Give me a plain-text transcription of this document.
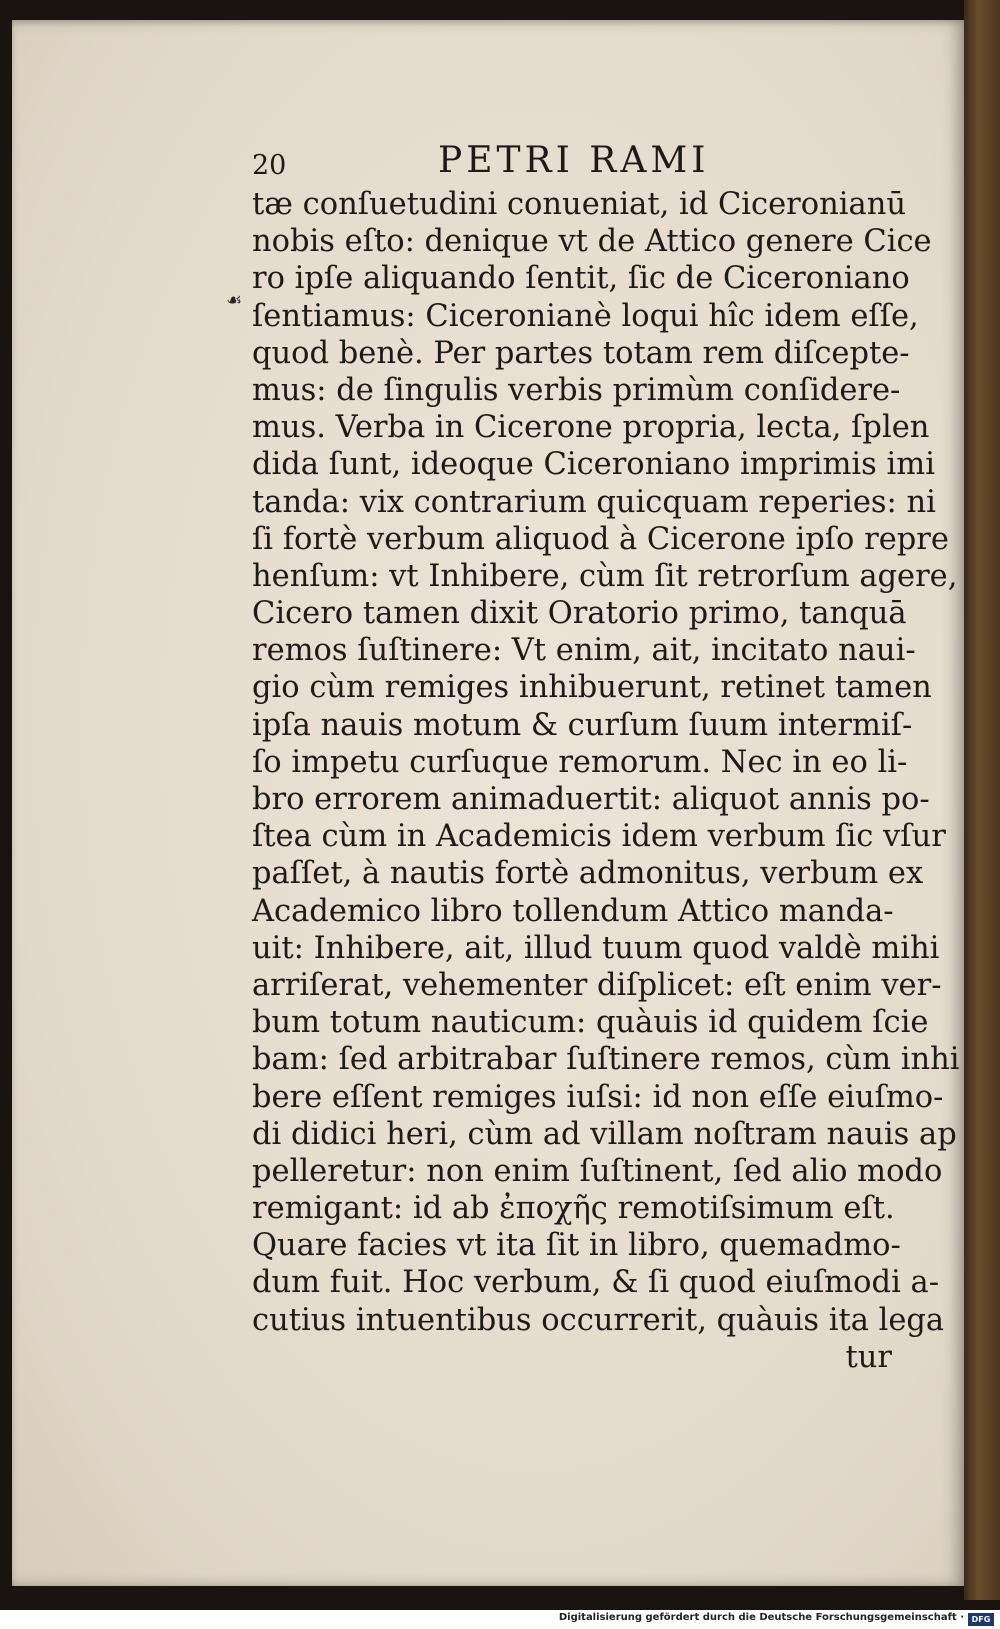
20	PETRI RAMI
☙
tæ conſuetudini conueniat, id Ciceronianū
nobis eſto: denique vt de Attico genere Cice
ro ipſe aliquando ſentit, ſic de Ciceroniano
ſentiamus: Ciceronianè loqui hîc idem eſſe,
quod benè. Per partes totam rem diſcepte-
mus: de ſingulis verbis primùm conſidere-
mus. Verba in Cicerone propria, lecta, ſplen
dida ſunt, ideoque Ciceroniano imprimis imi
tanda: vix contrarium quicquam reperies: ni
ſi fortè verbum aliquod à Cicerone ipſo repre
henſum: vt Inhibere, cùm ſit retrorſum agere,
Cicero tamen dixit Oratorio primo, tanquā
remos ſuſtinere: Vt enim, ait, incitato naui-
gio cùm remiges inhibuerunt, retinet tamen
ipſa nauis motum & curſum ſuum intermiſ-
ſo impetu curſuque remorum. Nec in eo li-
bro errorem animaduertit: aliquot annis po-
ſtea cùm in Academicis idem verbum ſic vſur
paſſet, à nautis fortè admonitus, verbum ex
Academico libro tollendum Attico manda-
uit: Inhibere, ait, illud tuum quod valdè mihi
arriſerat, vehementer diſplicet: eſt enim ver-
bum totum nauticum: quàuis id quidem ſcie
bam: ſed arbitrabar ſuſtinere remos, cùm inhi
bere eſſent remiges iuſsi: id non eſſe eiuſmo-
di didici heri, cùm ad villam noſtram nauis ap
pelleretur: non enim ſuſtinent, ſed alio modo
remigant: id ab ἐποχῆς remotiſsimum eſt.
Quare facies vt ita ſit in libro, quemadmo-
dum fuit. Hoc verbum, & ſi quod eiuſmodi a-
cutius intuentibus occurrerit, quàuis ita lega
tur
Digitalisierung gefördert durch die Deutsche Forschungsgemeinschaft · DFG
